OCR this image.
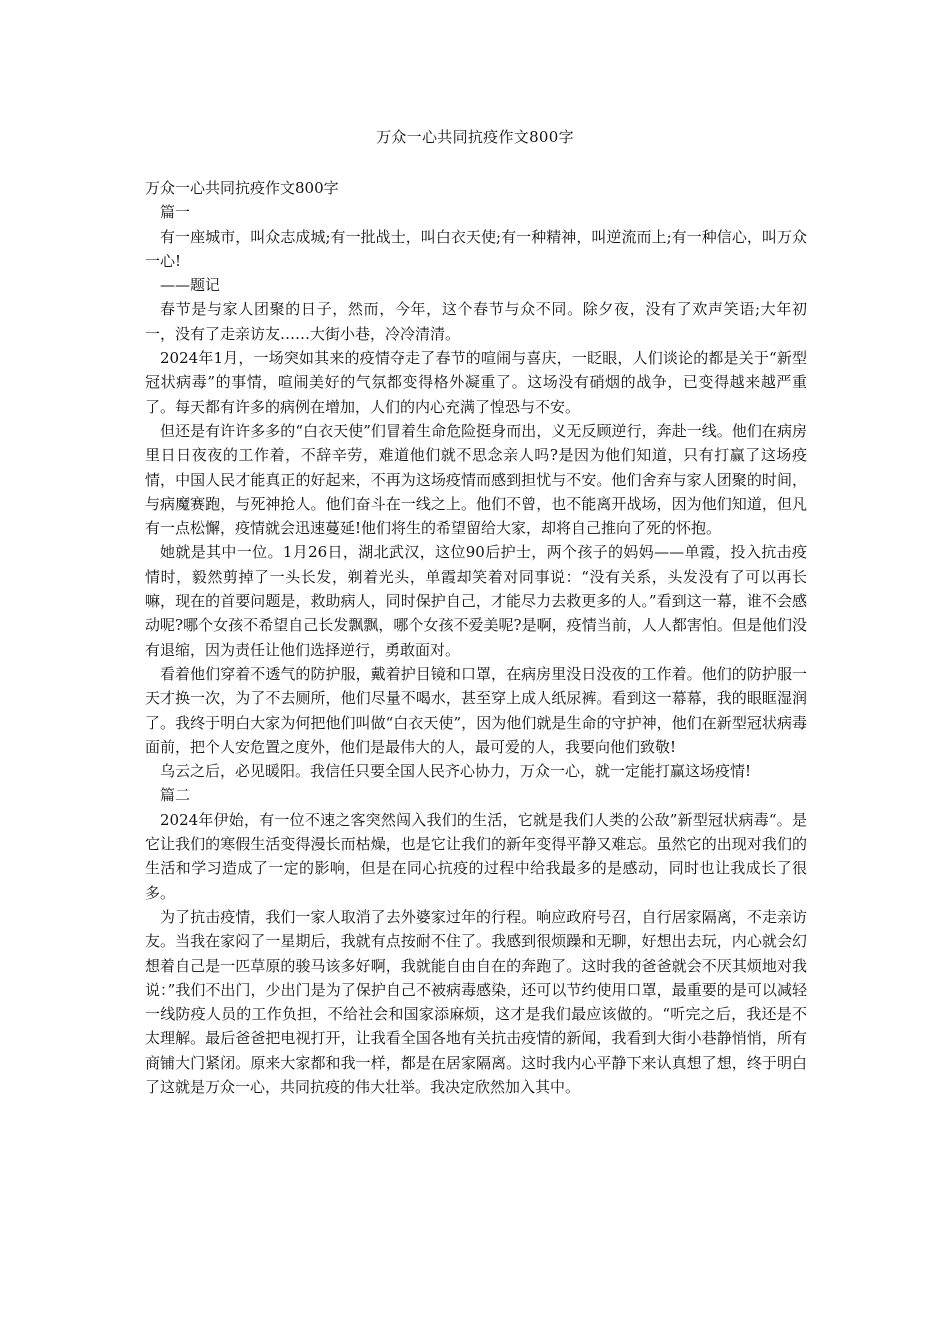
万众一心共同抗疫作文800字

万众一心共同抗疫作文800字

篇一

有一座城市，叫众志成城;有一批战士，叫白衣天使;有一种精神，叫逆流而上;有一种信心，叫万众一心!

——题记

春节是与家人团聚的日子，然而，今年，这个春节与众不同。除夕夜，没有了欢声笑语;大年初一，没有了走亲访友……大街小巷，冷冷清清。

2024年1月，一场突如其来的疫情夺走了春节的喧闹与喜庆，一眨眼，人们谈论的都是关于“新型冠状病毒”的事情，喧闹美好的气氛都变得格外凝重了。这场没有硝烟的战争，已变得越来越严重了。每天都有许多的病例在增加，人们的内心充满了惶恐与不安。

但还是有许许多多的“白衣天使”们冒着生命危险挺身而出，义无反顾逆行，奔赴一线。他们在病房里日日夜夜的工作着，不辞辛劳，难道他们就不思念亲人吗?是因为他们知道，只有打赢了这场疫情，中国人民才能真正的好起来，不再为这场疫情而感到担忧与不安。他们舍弃与家人团聚的时间，与病魔赛跑，与死神抢人。他们奋斗在一线之上。他们不曾，也不能离开战场，因为他们知道，但凡有一点松懈，疫情就会迅速蔓延!他们将生的希望留给大家，却将自己推向了死的怀抱。

她就是其中一位。1月26日，湖北武汉，这位90后护士，两个孩子的妈妈——单霞，投入抗击疫情时，毅然剪掉了一头长发，剃着光头，单霞却笑着对同事说：“没有关系，头发没有了可以再长嘛，现在的首要问题是，救助病人，同时保护自己，才能尽力去救更多的人。”看到这一幕，谁不会感动呢?哪个女孩不希望自己长发飘飘，哪个女孩不爱美呢?是啊，疫情当前，人人都害怕。但是他们没有退缩，因为责任让他们选择逆行，勇敢面对。

看着他们穿着不透气的防护服，戴着护目镜和口罩，在病房里没日没夜的工作着。他们的防护服一天才换一次，为了不去厕所，他们尽量不喝水，甚至穿上成人纸尿裤。看到这一幕幕，我的眼眶湿润了。我终于明白大家为何把他们叫做“白衣天使”，因为他们就是生命的守护神，他们在新型冠状病毒面前，把个人安危置之度外，他们是最伟大的人，最可爱的人，我要向他们致敬!

乌云之后，必见暖阳。我信任只要全国人民齐心协力，万众一心，就一定能打赢这场疫情!

篇二

2024年伊始，有一位不速之客突然闯入我们的生活，它就是我们人类的公敌”新型冠状病毒“。是它让我们的寒假生活变得漫长而枯燥，也是它让我们的新年变得平静又难忘。虽然它的出现对我们的生活和学习造成了一定的影响，但是在同心抗疫的过程中给我最多的是感动，同时也让我成长了很多。

为了抗击疫情，我们一家人取消了去外婆家过年的行程。响应政府号召，自行居家隔离，不走亲访友。当我在家闷了一星期后，我就有点按耐不住了。我感到很烦躁和无聊，好想出去玩，内心就会幻想着自己是一匹草原的骏马该多好啊，我就能自由自在的奔跑了。这时我的爸爸就会不厌其烦地对我说：”我们不出门，少出门是为了保护自己不被病毒感染，还可以节约使用口罩，最重要的是可以减轻一线防疫人员的工作负担，不给社会和国家添麻烦，这才是我们最应该做的。“听完之后，我还是不太理解。最后爸爸把电视打开，让我看全国各地有关抗击疫情的新闻，我看到大街小巷静悄悄，所有商铺大门紧闭。原来大家都和我一样，都是在居家隔离。这时我内心平静下来认真想了想，终于明白了这就是万众一心，共同抗疫的伟大壮举。我决定欣然加入其中。
